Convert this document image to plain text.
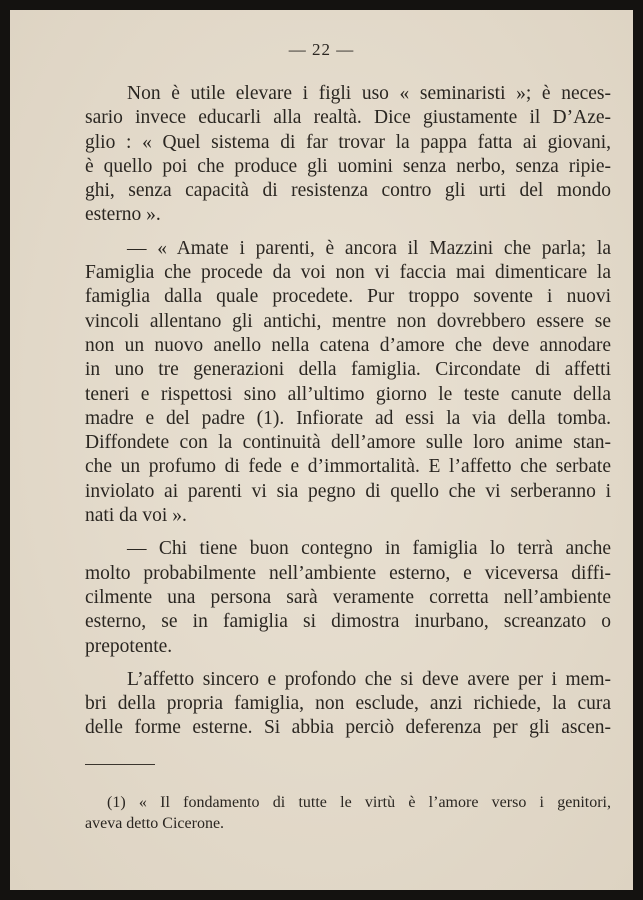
— 22 —
Non è utile elevare i figli uso « seminaristi »; è neces-
sario invece educarli alla realtà. Dice giustamente il D’Aze-
glio : « Quel sistema di far trovar la pappa fatta ai giovani,
è quello poi che produce gli uomini senza nerbo, senza ripie-
ghi, senza capacità di resistenza contro gli urti del mondo
esterno ».
— « Amate i parenti, è ancora il Mazzini che parla; la
Famiglia che procede da voi non vi faccia mai dimenticare la
famiglia dalla quale procedete. Pur troppo sovente i nuovi
vincoli allentano gli antichi, mentre non dovrebbero essere se
non un nuovo anello nella catena d’amore che deve annodare
in uno tre generazioni della famiglia. Circondate di affetti
teneri e rispettosi sino all’ultimo giorno le teste canute della
madre e del padre (1). Infiorate ad essi la via della tomba.
Diffondete con la continuità dell’amore sulle loro anime stan-
che un profumo di fede e d’immortalità. E l’affetto che serbate
inviolato ai parenti vi sia pegno di quello che vi serberanno i
nati da voi ».
— Chi tiene buon contegno in famiglia lo terrà anche
molto probabilmente nell’ambiente esterno, e viceversa diffi-
cilmente una persona sarà veramente corretta nell’ambiente
esterno, se in famiglia si dimostra inurbano, screanzato o
prepotente.
L’affetto sincero e profondo che si deve avere per i mem-
bri della propria famiglia, non esclude, anzi richiede, la cura
delle forme esterne. Si abbia perciò deferenza per gli ascen-
(1) « Il fondamento di tutte le virtù è l’amore verso i genitori,
aveva detto Cicerone.
